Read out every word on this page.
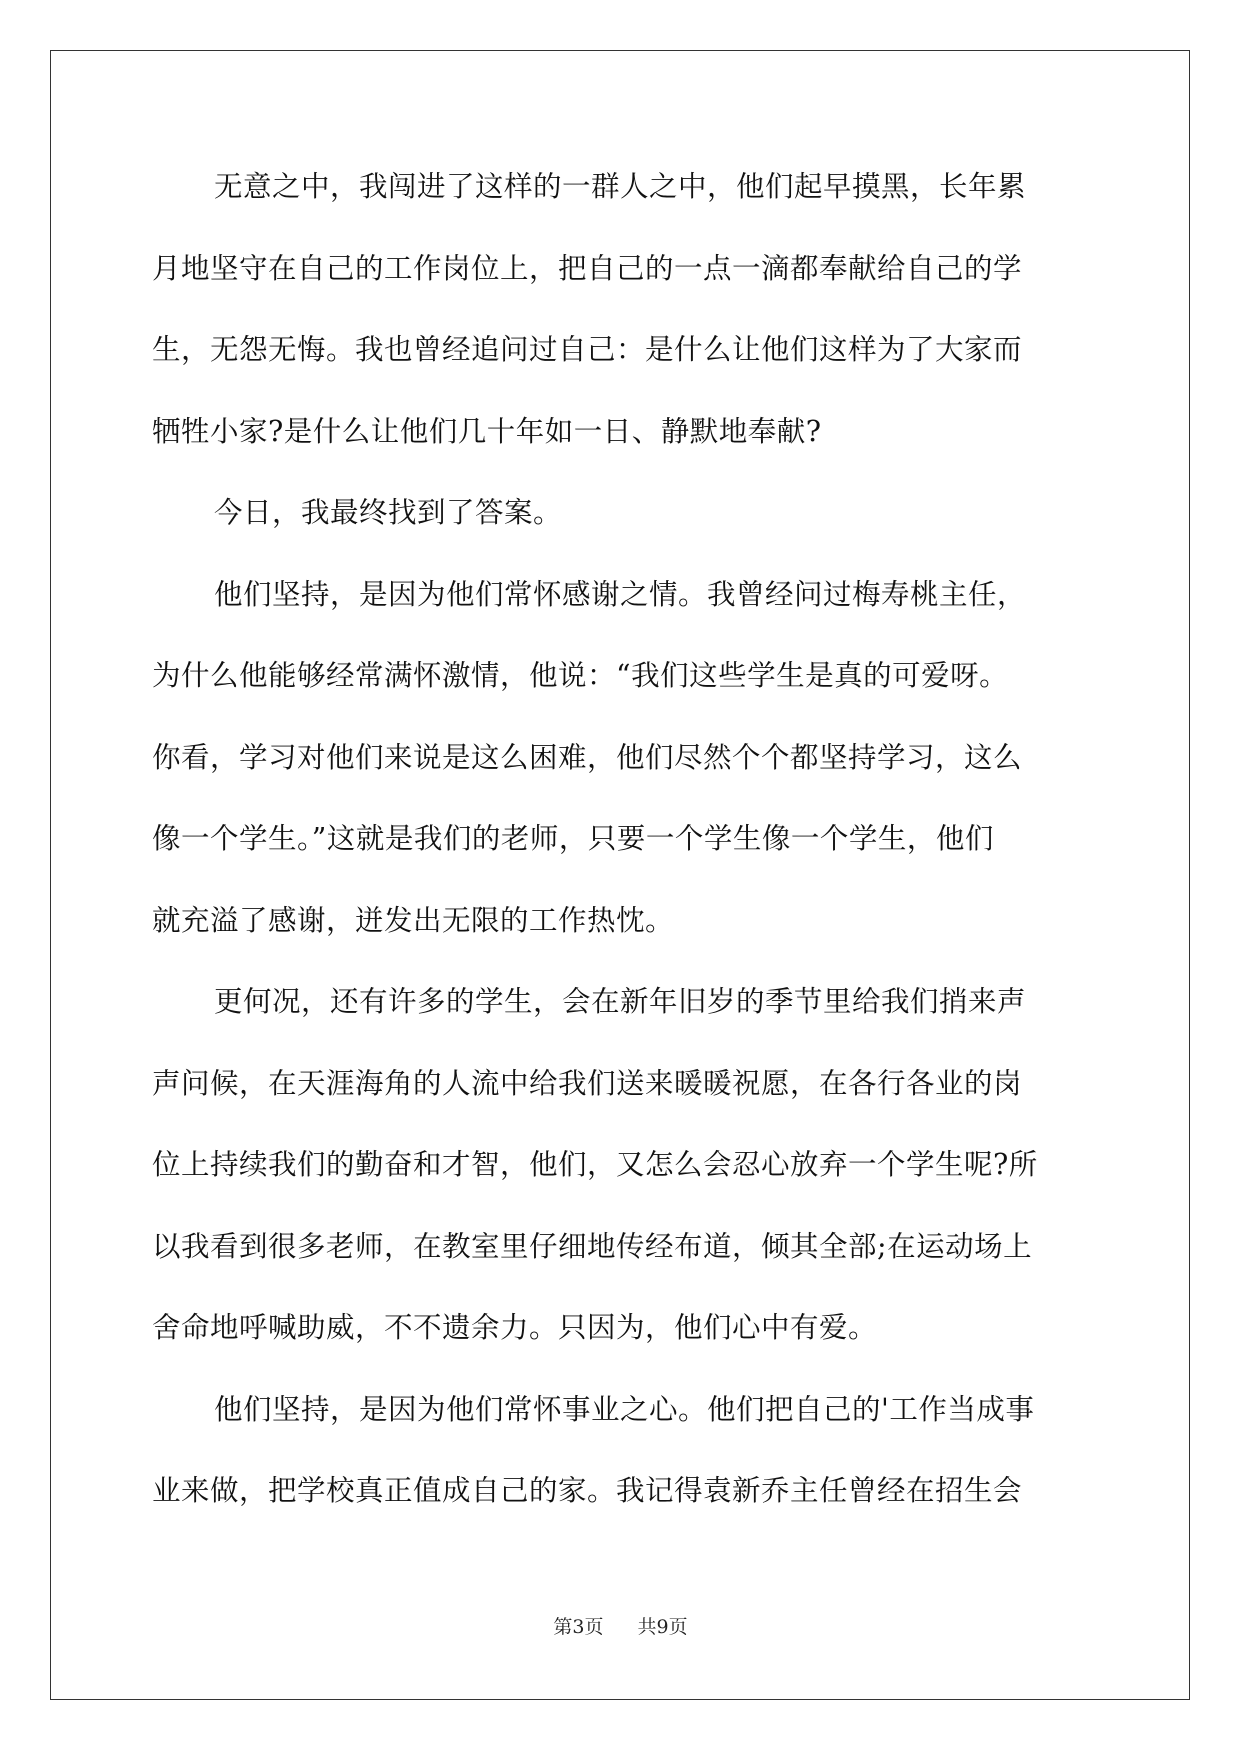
无意之中，我闯进了这样的一群人之中，他们起早摸黑，长年累
月地坚守在自己的工作岗位上，把自己的一点一滴都奉献给自己的学
生，无怨无悔。我也曾经追问过自己：是什么让他们这样为了大家而
牺牲小家?是什么让他们几十年如一日、静默地奉献?
今日，我最终找到了答案。
他们坚持，是因为他们常怀感谢之情。我曾经问过梅寿桃主任，
为什么他能够经常满怀激情，他说：“我们这些学生是真的可爱呀。
你看，学习对他们来说是这么困难，他们尽然个个都坚持学习，这么
像一个学生。”这就是我们的老师，只要一个学生像一个学生，他们
就充溢了感谢，迸发出无限的工作热忱。
更何况，还有许多的学生，会在新年旧岁的季节里给我们捎来声
声问候，在天涯海角的人流中给我们送来暖暖祝愿，在各行各业的岗
位上持续我们的勤奋和才智，他们，又怎么会忍心放弃一个学生呢?所
以我看到很多老师，在教室里仔细地传经布道，倾其全部;在运动场上
舍命地呼喊助威，不不遗余力。只因为，他们心中有爱。
他们坚持，是因为他们常怀事业之心。他们把自己的'工作当成事
业来做，把学校真正值成自己的家。我记得袁新乔主任曾经在招生会
第3页 共9页
